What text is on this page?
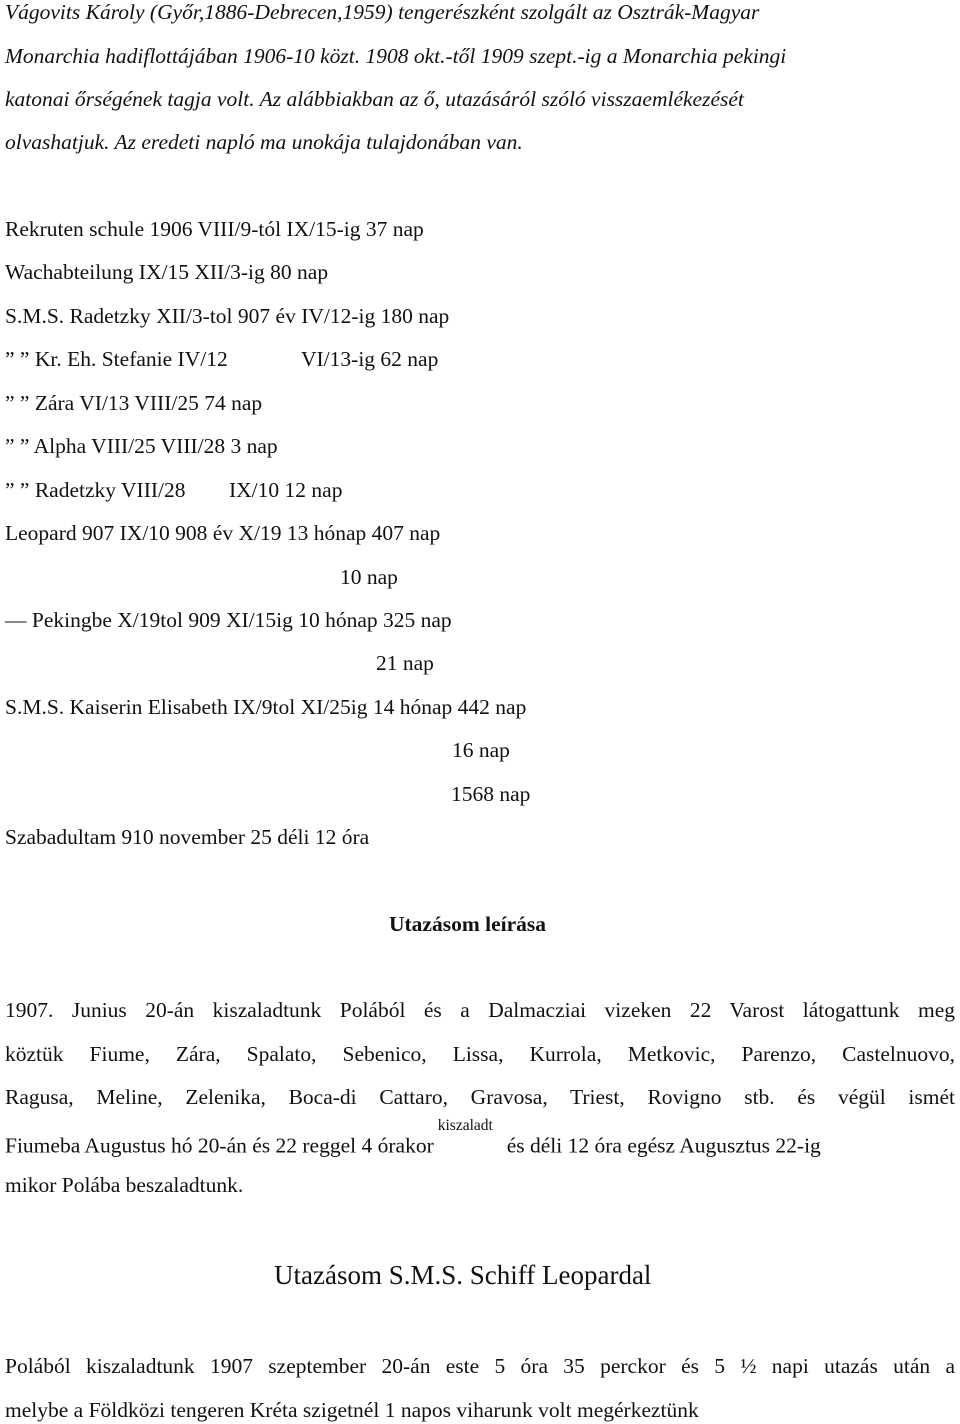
Vágovits Károly (Győr,1886-Debrecen,1959) tengerészként szolgált az Osztrák-Magyar
Monarchia hadiflottájában 1906-10 közt. 1908 okt.-től 1909 szept.-ig a Monarchia pekingi
katonai őrségének tagja volt. Az alábbiakban az ő, utazásáról szóló visszaemlékezését
olvashatjuk. Az eredeti napló ma unokája tulajdonában van.
Rekruten schule 1906 VIII/9-tól IX/15-ig 37 nap
Wachabteilung IX/15 XII/3-ig 80 nap
S.M.S. Radetzky XII/3-tol 907 év IV/12-ig 180 nap
” ” Kr. Eh. Stefanie IV/12	VI/13-ig 62 nap
” ” Zára VI/13 VIII/25 74 nap
” ” Alpha VIII/25 VIII/28 3 nap
” ” Radetzky VIII/28 IX/10 12 nap
Leopard 907 IX/10 908 év X/19 13 hónap 407 nap
10 nap
— Pekingbe X/19tol 909 XI/15ig 10 hónap 325 nap
21 nap
S.M.S. Kaiserin Elisabeth IX/9tol XI/25ig 14 hónap 442 nap
16 nap
1568 nap
Szabadultam 910 november 25 déli 12 óra
Utazásom leírása
1907. Junius 20-án kiszaladtunk Polából és a Dalmacziai vizeken 22 Varost látogattunk meg
köztük Fiume, Zára, Spalato, Sebenico, Lissa, Kurrola, Metkovic, Parenzo, Castelnuovo,
Ragusa, Meline, Zelenika, Boca-di Cattaro, Gravosa, Triest, Rovigno stb. és végül ismét
Fiumeba Augustus hó 20-án és 22 reggel 4 órakor
kiszaladt
és déli 12 óra egész Augusztus 22-ig
mikor Polába beszaladtunk.
Utazásom S.M.S. Schiff Leopardal
Polából kiszaladtunk 1907 szeptember 20-án este 5 óra 35 perckor és 5 ½ napi utazás után a
melybe a Földközi tengeren Kréta szigetnél 1 napos viharunk volt megérkeztünk
